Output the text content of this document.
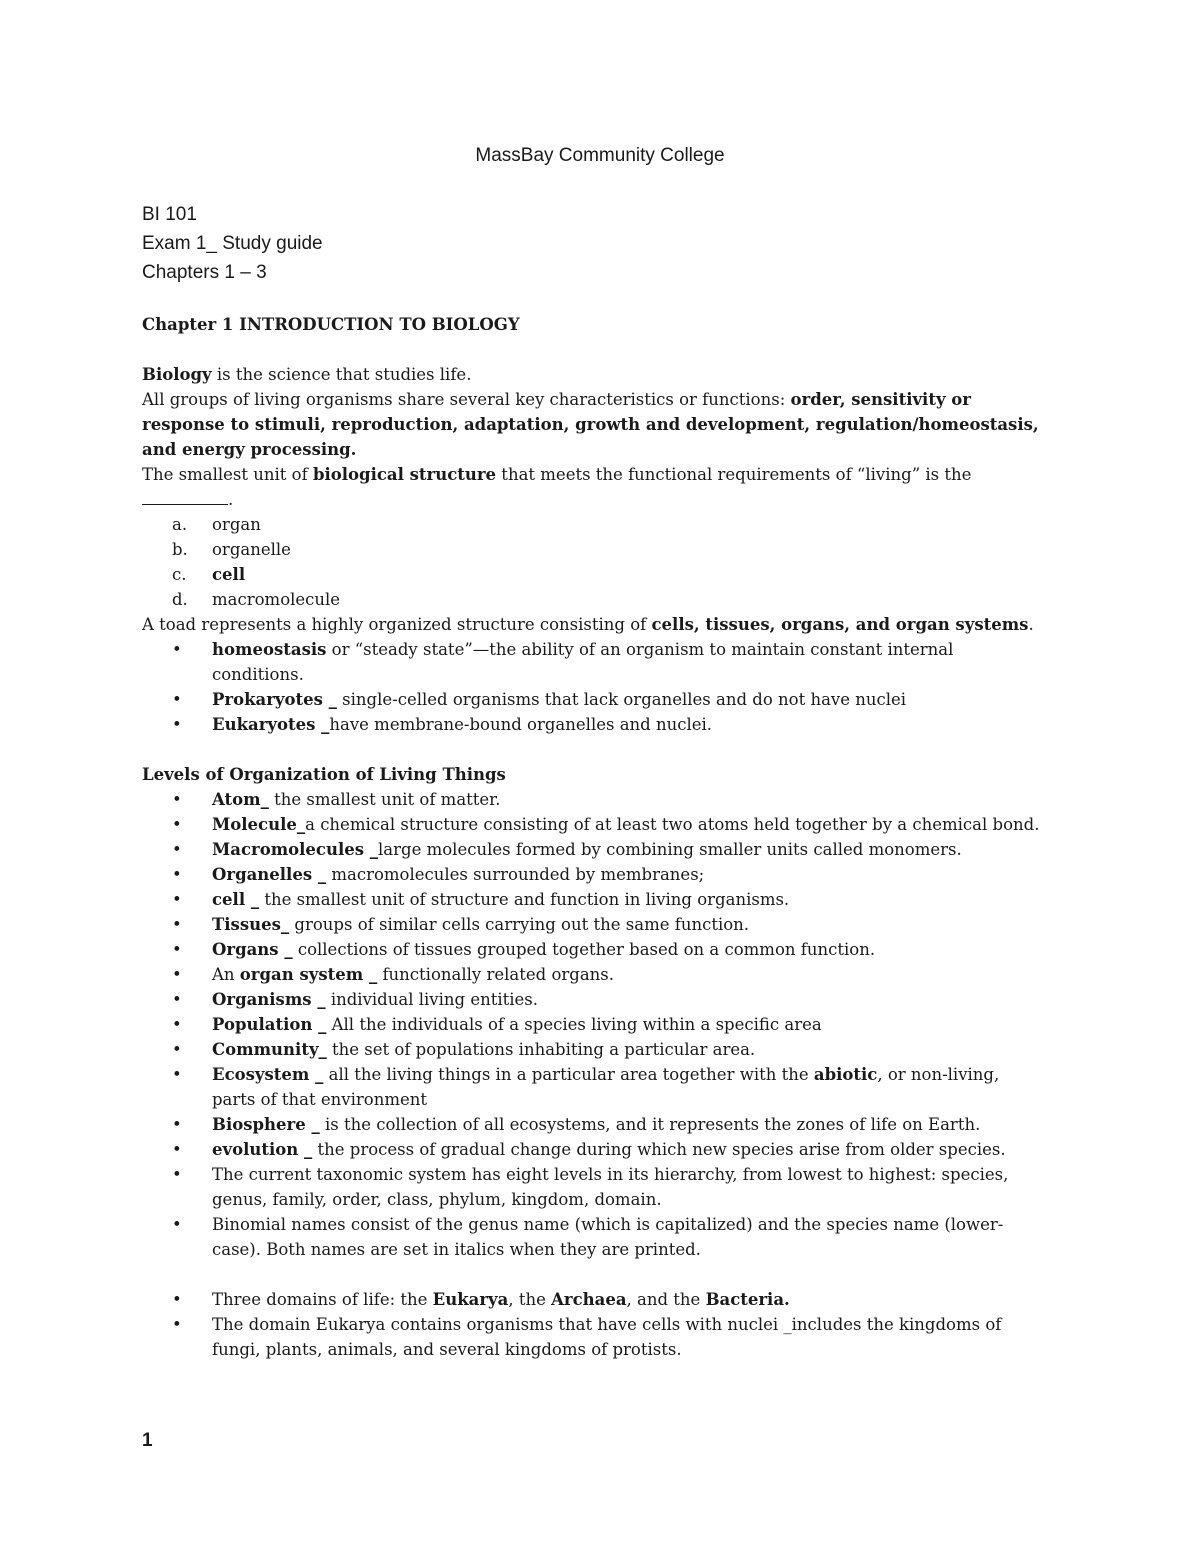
MassBay Community College
BI 101
Exam 1_ Study guide
Chapters 1 – 3

Chapter 1 INTRODUCTION TO BIOLOGY

Biology is the science that studies life.

All groups of living organisms share several key characteristics or functions: order, sensitivity or response to stimuli, reproduction, adaptation, growth and development, regulation/homeostasis, and energy processing.

The smallest unit of biological structure that meets the functional requirements of “living” is the
.

a. organ
b. organelle
c. cell
d. macromolecule

A toad represents a highly organized structure consisting of cells, tissues, organs, and organ systems.

• homeostasis or “steady state”—the ability of an organism to maintain constant internal conditions.
• Prokaryotes _ single-celled organisms that lack organelles and do not have nuclei
• Eukaryotes _have membrane-bound organelles and nuclei.

Levels of Organization of Living Things

• Atom_ the smallest unit of matter.
• Molecule_a chemical structure consisting of at least two atoms held together by a chemical bond.
• Macromolecules _large molecules formed by combining smaller units called monomers.
• Organelles _ macromolecules surrounded by membranes;
• cell _ the smallest unit of structure and function in living organisms.
• Tissues_ groups of similar cells carrying out the same function.
• Organs _ collections of tissues grouped together based on a common function.
• An organ system _ functionally related organs.
• Organisms _ individual living entities.
• Population _ All the individuals of a species living within a specific area
• Community_ the set of populations inhabiting a particular area.
• Ecosystem _ all the living things in a particular area together with the abiotic, or non-living, parts of that environment
• Biosphere _ is the collection of all ecosystems, and it represents the zones of life on Earth.
• evolution _ the process of gradual change during which new species arise from older species.
• The current taxonomic system has eight levels in its hierarchy, from lowest to highest: species, genus, family, order, class, phylum, kingdom, domain.
• Binomial names consist of the genus name (which is capitalized) and the species name (lower-case). Both names are set in italics when they are printed.
• Three domains of life: the Eukarya, the Archaea, and the Bacteria.
• The domain Eukarya contains organisms that have cells with nuclei _includes the kingdoms of fungi, plants, animals, and several kingdoms of protists.
1
